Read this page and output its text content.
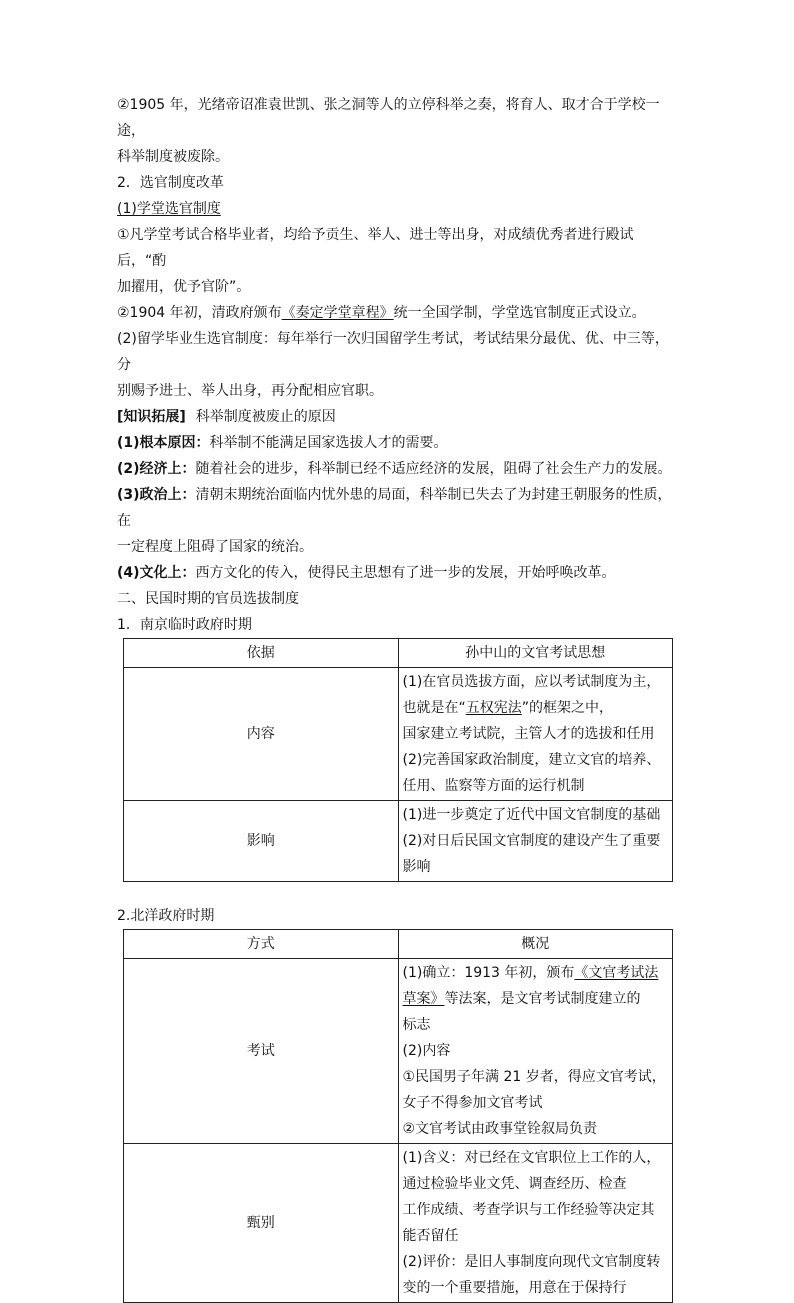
②1905 年，光绪帝诏准袁世凯、张之洞等人的立停科举之奏，将育人、取才合于学校一途，

科举制度被废除。

2．选官制度改革

(1)学堂选官制度

①凡学堂考试合格毕业者，均给予贡生、举人、进士等出身，对成绩优秀者进行殿试后，“酌

加擢用，优予官阶”。

②1904 年初，清政府颁布《奏定学堂章程》统一全国学制，学堂选官制度正式设立。

(2)留学毕业生选官制度：每年举行一次归国留学生考试，考试结果分最优、优、中三等，分

别赐予进士、举人出身，再分配相应官职。

[知识拓展] 科举制度被废止的原因

(1)根本原因：科举制不能满足国家选拔人才的需要。

(2)经济上：随着社会的进步，科举制已经不适应经济的发展，阻碍了社会生产力的发展。

(3)政治上：清朝末期统治面临内忧外患的局面，科举制已失去了为封建王朝服务的性质，在

一定程度上阻碍了国家的统治。

(4)文化上：西方文化的传入，使得民主思想有了进一步的发展，开始呼唤改革。

二、民国时期的官员选拔制度

1．南京临时政府时期

依据	孙中山的文官考试思想
内容	(1)在官员选拔方面，应以考试制度为主，也就是在“五权宪法”的框架之中，
国家建立考试院，主管人才的选拔和任用
(2)完善国家政治制度，建立文官的培养、任用、监察等方面的运行机制

影响	(1)进一步奠定了近代中国文官制度的基础
(2)对日后民国文官制度的建设产生了重要影响

2.北洋政府时期

方式	概况
考试	(1)确立：1913 年初，颁布《文官考试法草案》等法案，是文官考试制度建立的
标志
(2)内容
①民国男子年满 21 岁者，得应文官考试，女子不得参加文官考试
②文官考试由政事堂铨叙局负责

甄别	(1)含义：对已经在文官职位上工作的人，通过检验毕业文凭、调查经历、检查
工作成绩、考查学识与工作经验等决定其能否留任
(2)评价：是旧人事制度向现代文官制度转变的一个重要措施，用意在于保持行
